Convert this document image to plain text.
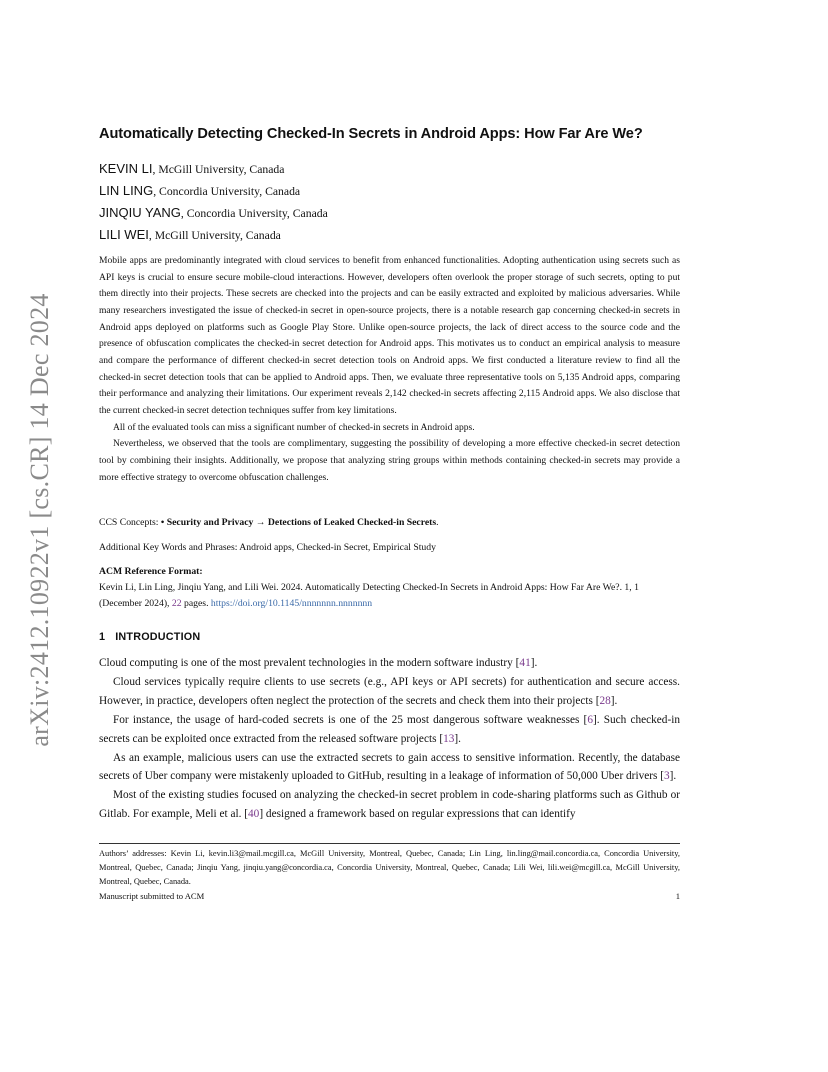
arXiv:2412.10922v1 [cs.CR] 14 Dec 2024
Automatically Detecting Checked-In Secrets in Android Apps: How Far Are We?
KEVIN LI, McGill University, Canada
LIN LING, Concordia University, Canada
JINQIU YANG, Concordia University, Canada
LILI WEI, McGill University, Canada

Mobile apps are predominantly integrated with cloud services to benefit from enhanced functionalities. Adopting authentication using secrets such as API keys is crucial to ensure secure mobile-cloud interactions. However, developers often overlook the proper storage of such secrets, opting to put them directly into their projects. These secrets are checked into the projects and can be easily extracted and exploited by malicious adversaries. While many researchers investigated the issue of checked-in secret in open-source projects, there is a notable research gap concerning checked-in secrets in Android apps deployed on platforms such as Google Play Store. Unlike open-source projects, the lack of direct access to the source code and the presence of obfuscation complicates the checked-in secret detection for Android apps. This motivates us to conduct an empirical analysis to measure and compare the performance of different checked-in secret detection tools on Android apps. We first conducted a literature review to find all the checked-in secret detection tools that can be applied to Android apps. Then, we evaluate three representative tools on 5,135 Android apps, comparing their performance and analyzing their limitations. Our experiment reveals 2,142 checked-in secrets affecting 2,115 Android apps. We also disclose that the current checked-in secret detection techniques suffer from key limitations.

All of the evaluated tools can miss a significant number of checked-in secrets in Android apps.

Nevertheless, we observed that the tools are complimentary, suggesting the possibility of developing a more effective checked-in secret detection tool by combining their insights. Additionally, we propose that analyzing string groups within methods containing checked-in secrets may provide a more effective strategy to overcome obfuscation challenges.

CCS Concepts: • Security and Privacy → Detections of Leaked Checked-in Secrets.
Additional Key Words and Phrases: Android apps, Checked-in Secret, Empirical Study
ACM Reference Format:
Kevin Li, Lin Ling, Jinqiu Yang, and Lili Wei. 2024. Automatically Detecting Checked-In Secrets in Android Apps: How Far Are We?. 1, 1 (December 2024), 22 pages. https://doi.org/10.1145/nnnnnnn.nnnnnnn
1 INTRODUCTION

Cloud computing is one of the most prevalent technologies in the modern software industry [41].

Cloud services typically require clients to use secrets (e.g., API keys or API secrets) for authentication and secure access. However, in practice, developers often neglect the protection of the secrets and check them into their projects [28].

For instance, the usage of hard-coded secrets is one of the 25 most dangerous software weaknesses [6]. Such checked-in secrets can be exploited once extracted from the released software projects [13].

As an example, malicious users can use the extracted secrets to gain access to sensitive information. Recently, the database secrets of Uber company were mistakenly uploaded to GitHub, resulting in a leakage of information of 50,000 Uber drivers [3].

Most of the existing studies focused on analyzing the checked-in secret problem in code-sharing platforms such as Github or Gitlab. For example, Meli et al. [40] designed a framework based on regular expressions that can identify

Authors’ addresses: Kevin Li, kevin.li3@mail.mcgill.ca, McGill University, Montreal, Quebec, Canada; Lin Ling, lin.ling@mail.concordia.ca, Concordia University, Montreal, Quebec, Canada; Jinqiu Yang, jinqiu.yang@concordia.ca, Concordia University, Montreal, Quebec, Canada; Lili Wei, lili.wei@mcgill.ca, McGill University, Montreal, Quebec, Canada.
Manuscript submitted to ACM	1
